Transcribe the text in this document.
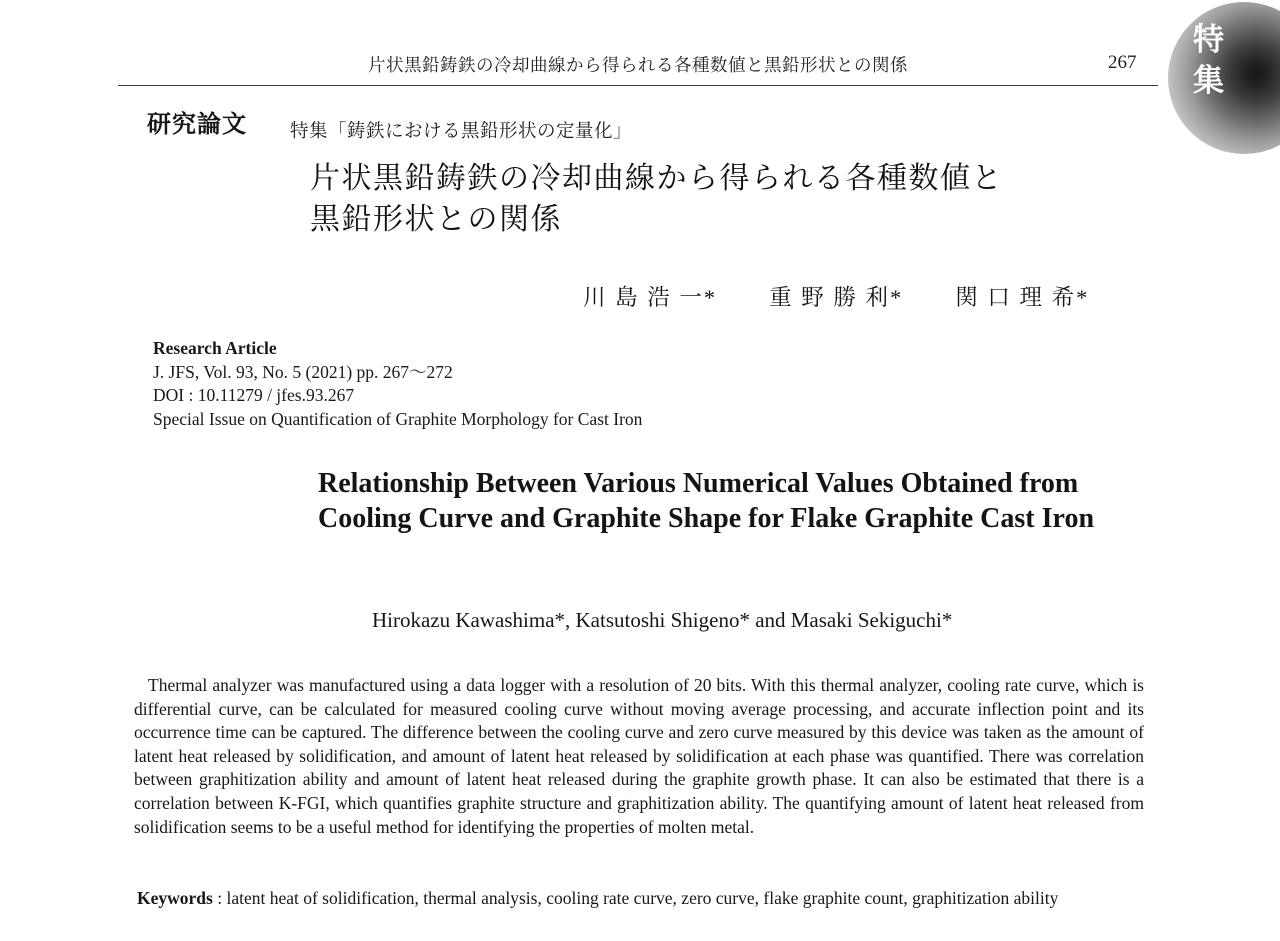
片状黒鉛鋳鉄の冷却曲線から得られる各種数値と黒鉛形状との関係	267
特
集
研究論文 特集「鋳鉄における黒鉛形状の定量化」
片状黒鉛鋳鉄の冷却曲線から得られる各種数値と
黒鉛形状との関係
川 島 浩 一* 重 野 勝 利* 関 口 理 希*
Research Article
J. JFS, Vol. 93, No. 5 (2021) pp. 267～272
DOI : 10.11279 / jfes.93.267
Special Issue on Quantification of Graphite Morphology for Cast Iron
Relationship Between Various Numerical Values Obtained from Cooling Curve and Graphite Shape for Flake Graphite Cast Iron
Hirokazu Kawashima*, Katsutoshi Shigeno* and Masaki Sekiguchi*

Thermal analyzer was manufactured using a data logger with a resolution of 20 bits. With this thermal analyzer, cooling rate curve, which is differential curve, can be calculated for measured cooling curve without moving average processing, and accurate inflection point and its occurrence time can be captured. The difference between the cooling curve and zero curve measured by this device was taken as the amount of latent heat released by solidification, and amount of latent heat released by solidification at each phase was quantified. There was correlation between graphitization ability and amount of latent heat released during the graphite growth phase. It can also be estimated that there is a correlation between K-FGI, which quantifies graphite structure and graphitization ability. The quantifying amount of latent heat released from solidification seems to be a useful method for identifying the properties of molten metal.

Keywords : latent heat of solidification, thermal analysis, cooling rate curve, zero curve, flake graphite count, graphitization ability
